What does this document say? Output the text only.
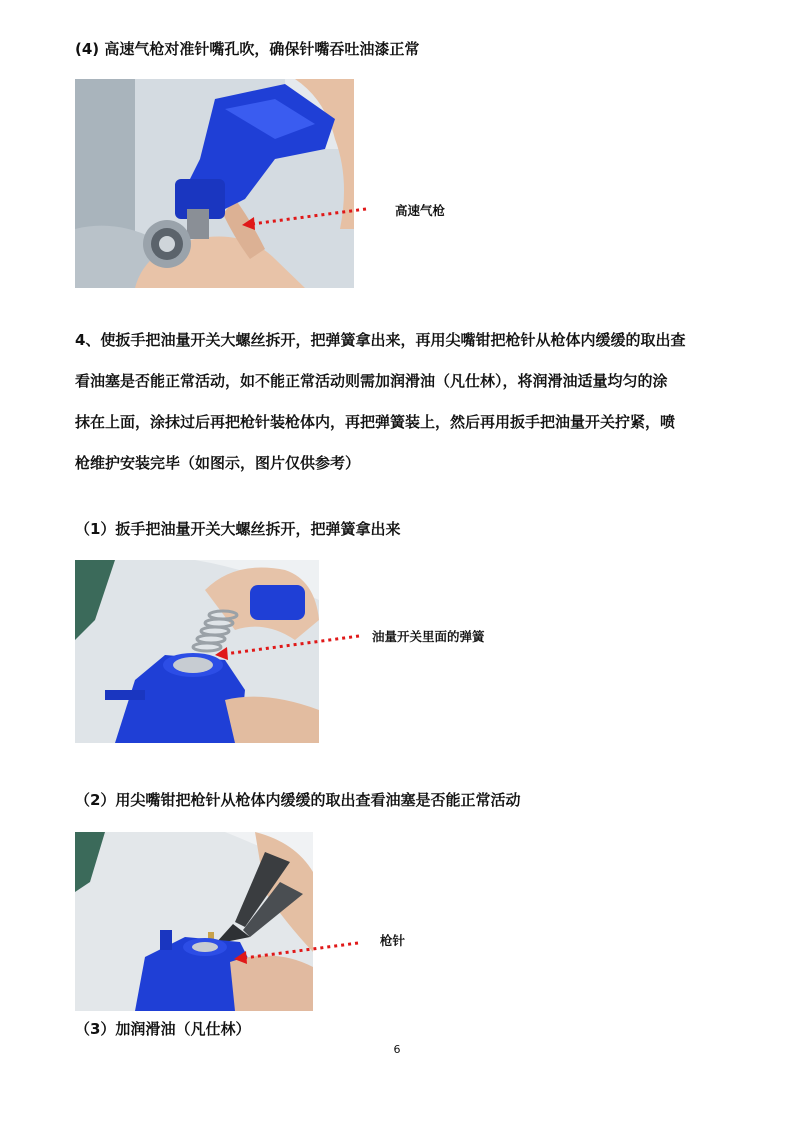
(4) 高速气枪对准针嘴孔吹，确保针嘴吞吐油漆正常
高速气枪
4、使扳手把油量开关大螺丝拆开，把弹簧拿出来，再用尖嘴钳把枪针从枪体内缓缓的取出查
看油塞是否能正常活动，如不能正常活动则需加润滑油（凡仕林），将润滑油适量均匀的涂
抹在上面，涂抹过后再把枪针装枪体内，再把弹簧装上，然后再用扳手把油量开关拧紧，喷
枪维护安装完毕（如图示，图片仅供参考）
（1）扳手把油量开关大螺丝拆开，把弹簧拿出来
油量开关里面的弹簧
（2）用尖嘴钳把枪针从枪体内缓缓的取出查看油塞是否能正常活动
枪针
（3）加润滑油（凡仕林）
6
